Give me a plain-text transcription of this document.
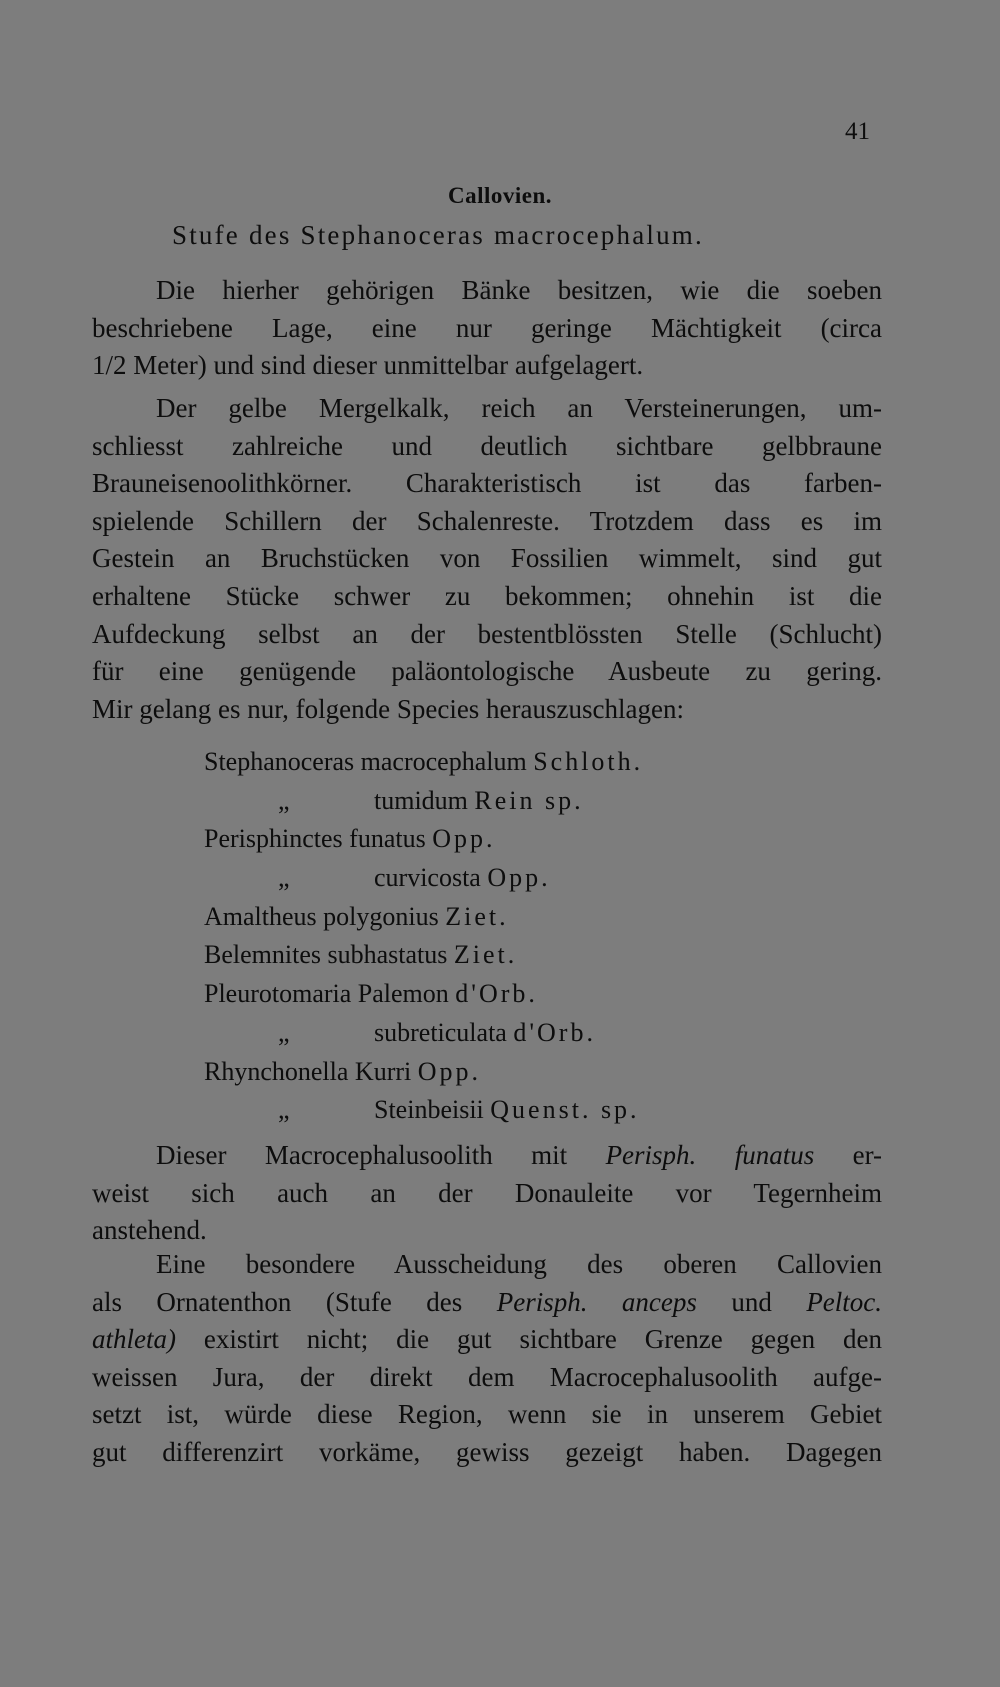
41
Callovien.
Stufe des Stephanoceras macrocephalum.
Die hierher gehörigen Bänke besitzen, wie die soeben
beschriebene Lage, eine nur geringe Mächtigkeit (circa
1/2 Meter) und sind dieser unmittelbar aufgelagert.
Der gelbe Mergelkalk, reich an Versteinerungen, um-
schliesst zahlreiche und deutlich sichtbare gelbbraune
Brauneisenoolithkörner. Charakteristisch ist das farben-
spielende Schillern der Schalenreste. Trotzdem dass es im
Gestein an Bruchstücken von Fossilien wimmelt, sind gut
erhaltene Stücke schwer zu bekommen; ohnehin ist die
Aufdeckung selbst an der bestentblössten Stelle (Schlucht)
für eine genügende paläontologische Ausbeute zu gering.
Mir gelang es nur, folgende Species herauszuschlagen:
Stephanoceras macrocephalum Schloth.
„	tumidum Rein sp.
Perisphinctes funatus Opp.
„	curvicosta Opp.
Amaltheus polygonius Ziet.
Belemnites subhastatus Ziet.
Pleurotomaria Palemon d'Orb.
„	subreticulata d'Orb.
Rhynchonella Kurri Opp.
„	Steinbeisii Quenst. sp.
Dieser Macrocephalusoolith mit Perisph. funatus er-
weist sich auch an der Donauleite vor Tegernheim
anstehend.
Eine besondere Ausscheidung des oberen Callovien
als Ornatenthon (Stufe des Perisph. anceps und Peltoc.
athleta) existirt nicht; die gut sichtbare Grenze gegen den
weissen Jura, der direkt dem Macrocephalusoolith aufge-
setzt ist, würde diese Region, wenn sie in unserem Gebiet
gut differenzirt vorkäme, gewiss gezeigt haben. Dagegen
